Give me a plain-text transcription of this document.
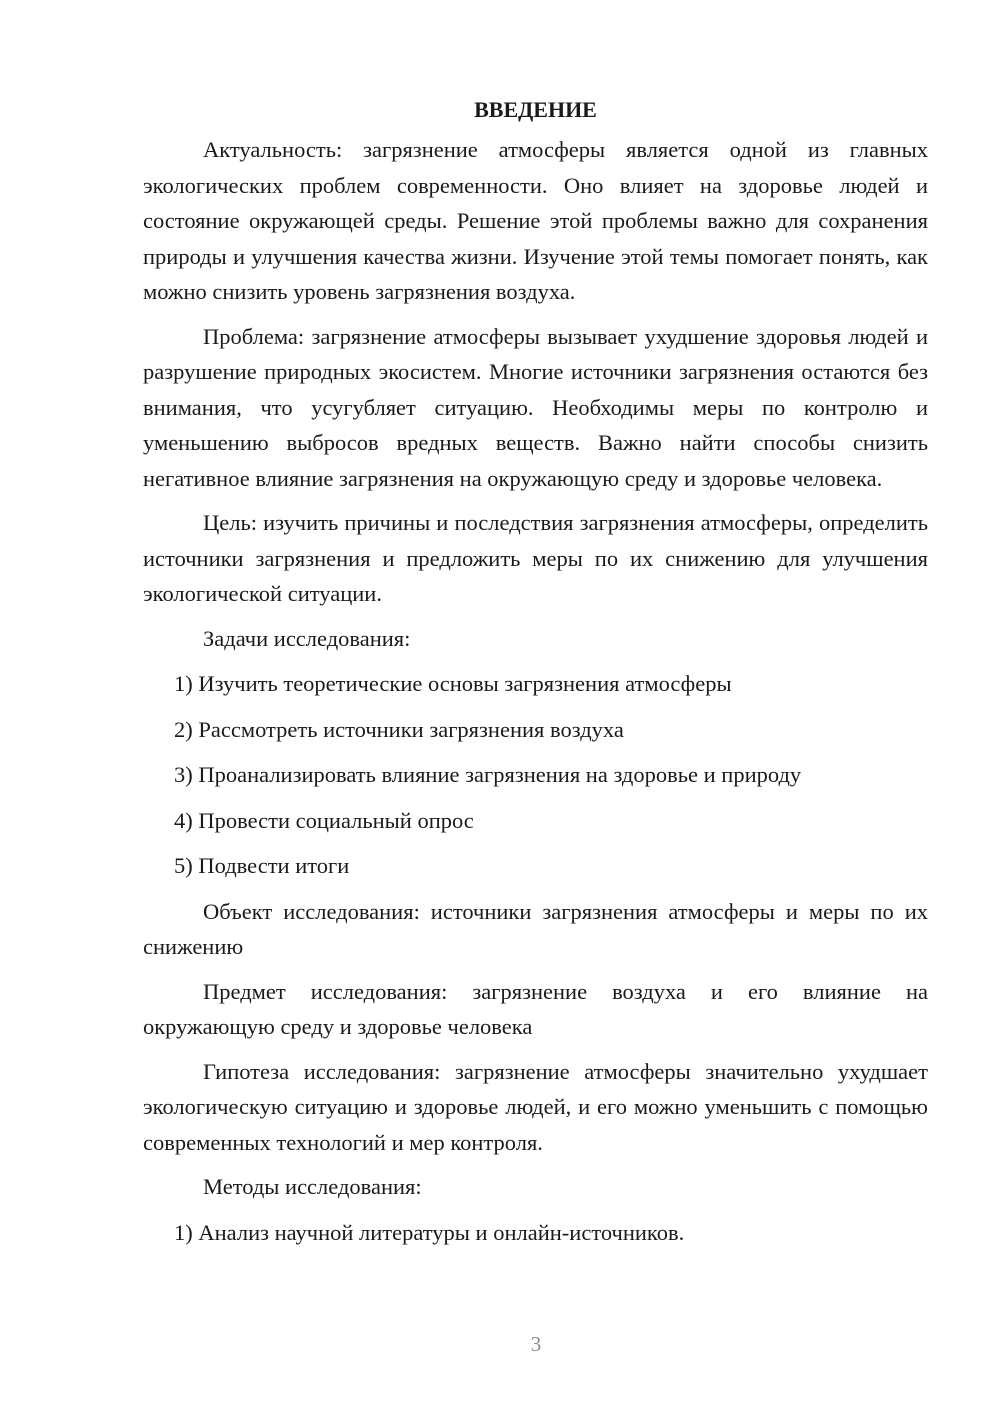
ВВЕДЕНИЕ

Актуальность: загрязнение атмосферы является одной из главных экологических проблем современности. Оно влияет на здоровье людей и состояние окружающей среды. Решение этой проблемы важно для сохранения природы и улучшения качества жизни. Изучение этой темы помогает понять, как можно снизить уровень загрязнения воздуха.

Проблема: загрязнение атмосферы вызывает ухудшение здоровья людей и разрушение природных экосистем. Многие источники загрязнения остаются без внимания, что усугубляет ситуацию. Необходимы меры по контролю и уменьшению выбросов вредных веществ. Важно найти способы снизить негативное влияние загрязнения на окружающую среду и здоровье человека.

Цель: изучить причины и последствия загрязнения атмосферы, определить источники загрязнения и предложить меры по их снижению для улучшения экологической ситуации.

Задачи исследования:
1) Изучить теоретические основы загрязнения атмосферы
2) Рассмотреть источники загрязнения воздуха
3) Проанализировать влияние загрязнения на здоровье и природу
4) Провести социальный опрос
5) Подвести итоги

Объект исследования: источники загрязнения атмосферы и меры по их снижению

Предмет исследования: загрязнение воздуха и его влияние на окружающую среду и здоровье человека

Гипотеза исследования: загрязнение атмосферы значительно ухудшает экологическую ситуацию и здоровье людей, и его можно уменьшить с помощью современных технологий и мер контроля.

Методы исследования:
1) Анализ научной литературы и онлайн-источников.
3
